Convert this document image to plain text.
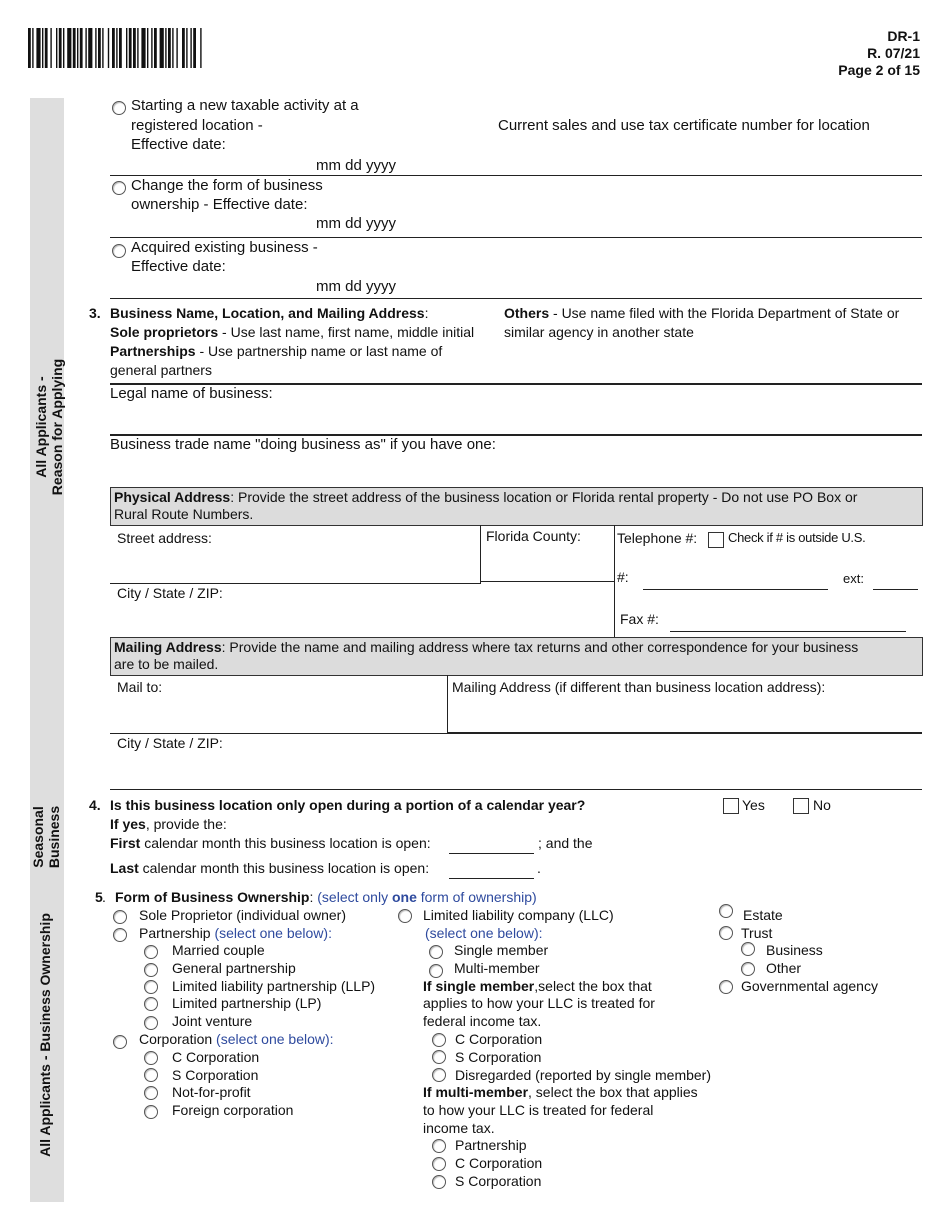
DR-1
R. 07/21
Page 2 of 15
All Applicants - Reason for Applying
Seasonal Business
All Applicants - Business Ownership
Starting a new taxable activity at a
registered location -
Effective date:
Current sales and use tax certificate number for location
mm dd yyyy
Change the form of business
ownership - Effective date:
mm dd yyyy
Acquired existing business -
Effective date:
mm dd yyyy
3. Business Name, Location, and Mailing Address:
Sole proprietors - Use last name, first name, middle initial
Partnerships - Use partnership name or last name of
general partners
Others - Use name filed with the Florida Department of State or
similar agency in another state
Legal name of business:
Business trade name "doing business as" if you have one:
Physical Address: Provide the street address of the business location or Florida rental property - Do not use PO Box or
Rural Route Numbers.
Street address:	Florida County:	Telephone #: Check if # is outside U.S.
#:	ext:
City / State / ZIP:
Fax #:
Mailing Address: Provide the name and mailing address where tax returns and other correspondence for your business
are to be mailed.
Mail to:	Mailing Address (if different than business location address):
City / State / ZIP:
4. Is this business location only open during a portion of a calendar year?	Yes	No
If yes, provide the:
First calendar month this business location is open:	; and the
Last calendar month this business location is open:	.
5 . Form of Business Ownership: (select only one form of ownership)
Sole Proprietor (individual owner)
Partnership (select one below):
Married couple
General partnership
Limited liability partnership (LLP)
Limited partnership (LP)
Joint venture
Corporation (select one below):
C Corporation
S Corporation
Not-for-profit
Foreign corporation
Limited liability company (LLC)
(select one below):
Single member
Multi-member
If single member,select the box that
applies to how your LLC is treated for
federal income tax.
C Corporation
S Corporation
Disregarded (reported by single member)
If multi-member, select the box that applies
to how your LLC is treated for federal
income tax.
Partnership
C Corporation
S Corporation
Estate
Trust
Business
Other
Governmental agency
